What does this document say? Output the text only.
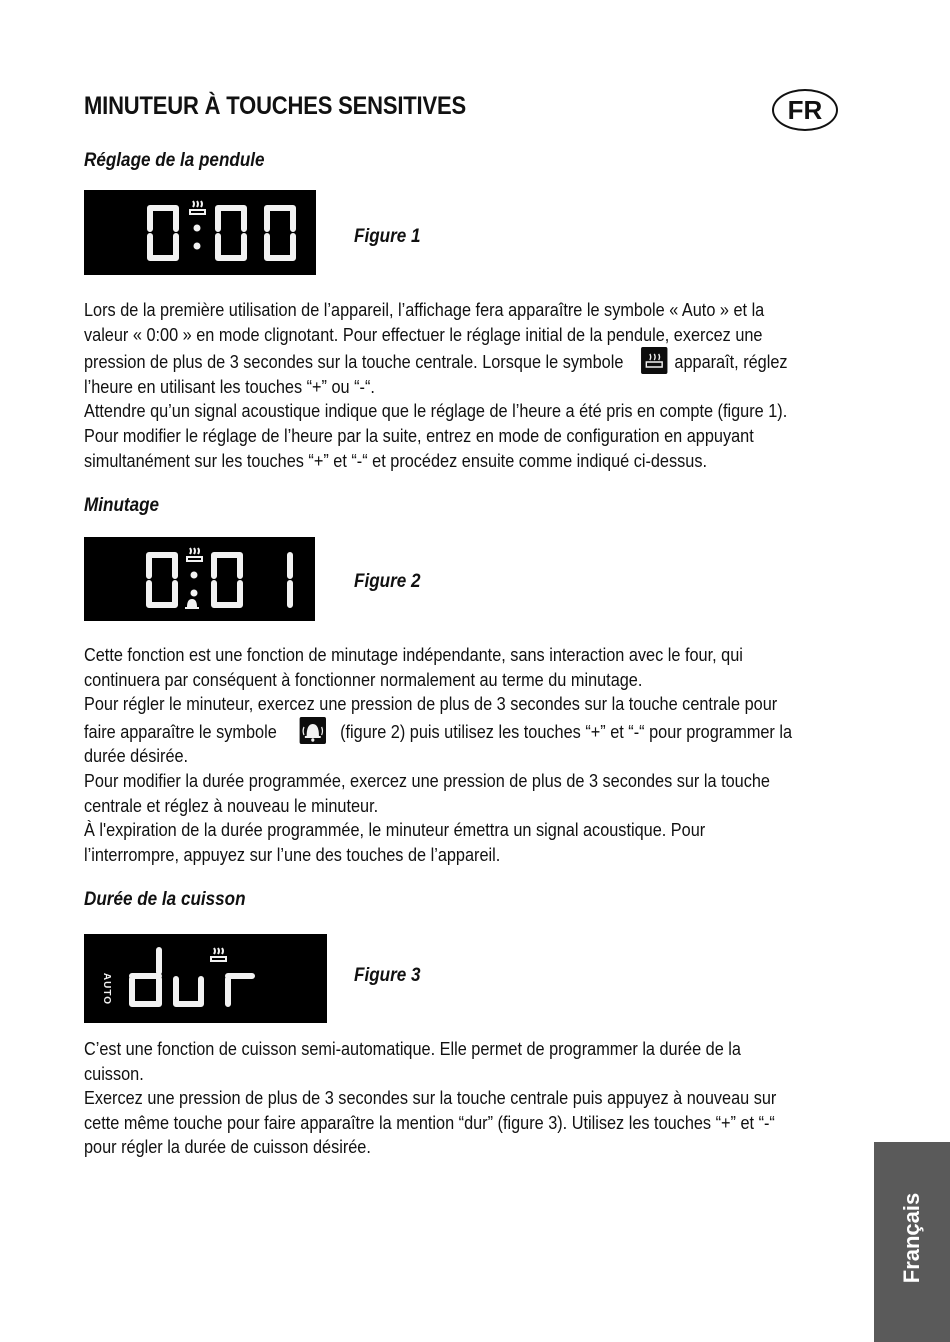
MINUTEUR À TOUCHES SENSITIVES	FR
Réglage de la pendule
Figure 1

Lors de la première utilisation de l’appareil, l’affichage fera apparaître le symbole « Auto » et la

valeur « 0:00 » en mode clignotant. Pour effectuer le réglage initial de la pendule, exercez une

pression de plus de 3 secondes sur la touche centrale. Lorsque le symbole	apparaît, réglez

l’heure en utilisant les touches “+” ou “-“.

Attendre qu’un signal acoustique indique que le réglage de l’heure a été pris en compte (figure 1).

Pour modifier le réglage de l’heure par la suite, entrez en mode de configuration en appuyant

simultanément sur les touches “+” et “-“ et procédez ensuite comme indiqué ci-dessus.

Minutage
Figure 2

Cette fonction est une fonction de minutage indépendante, sans interaction avec le four, qui

continuera par conséquent à fonctionner normalement au terme du minutage.

Pour régler le minuteur, exercez une pression de plus de 3 secondes sur la touche centrale pour

faire apparaître le symbole	(figure 2) puis utilisez les touches “+” et “-“ pour programmer la

durée désirée.

Pour modifier la durée programmée, exercez une pression de plus de 3 secondes sur la touche

centrale et réglez à nouveau le minuteur.

À l'expiration de la durée programmée, le minuteur émettra un signal acoustique. Pour

l’interrompre, appuyez sur l’une des touches de l’appareil.

Durée de la cuisson
AUTO	Figure 3

C’est une fonction de cuisson semi-automatique. Elle permet de programmer la durée de la

cuisson.

Exercez une pression de plus de 3 secondes sur la touche centrale puis appuyez à nouveau sur

cette même touche pour faire apparaître la mention “dur” (figure 3). Utilisez les touches “+” et “-“

pour régler la durée de cuisson désirée.

Français
